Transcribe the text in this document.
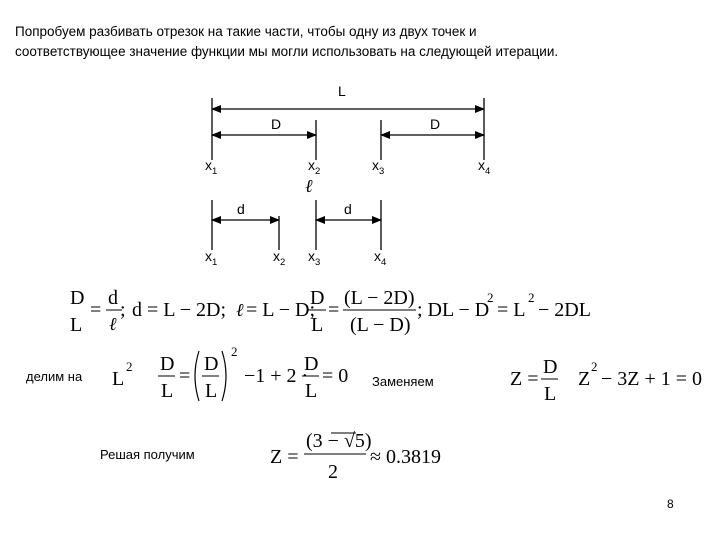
Попробуем разбивать отрезок на такие части, чтобы одну из двух точек и
соответствующее значение функции мы могли использовать на следующей итерации.

L
D	D
$x_1$	$x_2$	$x_3$	$x_4$
ℓ
d	d
$x_1$	$x_2$ $x_3$	$x_4$
D
L
=
d
ℓ
; d = L − 2D; ℓ = L − D;
D
L
=
(L − 2D)
(L − D)
; DL − D
2
= L
2
− 2DL
делим на L
2 D
L
=
D
L
2
−1 + 2 ·
D
L
= 0 Заменяем	Z =
D
L
Z
2
− 3Z + 1 = 0
Решая получим	Z =
(3 − √5)
2
≈ 0.3819
8
